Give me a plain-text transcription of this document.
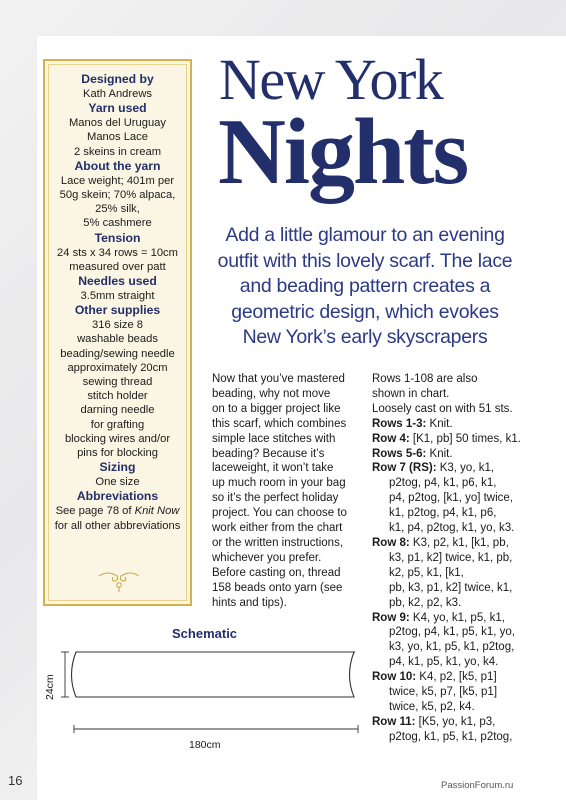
Designed by
Kath Andrews
Yarn used
Manos del Uruguay
Manos Lace
2 skeins in cream
About the yarn
Lace weight; 401m per
50g skein; 70% alpaca,
25% silk,
5% cashmere
Tension
24 sts x 34 rows = 10cm
measured over patt
Needles used
3.5mm straight
Other supplies
316 size 8
washable beads
beading/sewing needle
approximately 20cm
sewing thread
stitch holder
darning needle
for grafting
blocking wires and/or
pins for blocking
Sizing
One size
Abbreviations
See page 78 of Knit Now
for all other abbreviations
New York
Nights
Add a little glamour to an evening outfit with this lovely scarf. The lace and beading pattern creates a geometric design, which evokes New York’s early skyscrapers
Now that you’ve mastered
beading, why not move
on to a bigger project like
this scarf, which combines
simple lace stitches with
beading? Because it’s
laceweight, it won’t take
up much room in your bag
so it’s the perfect holiday
project. You can choose to
work either from the chart
or the written instructions,
whichever you prefer.
Before casting on, thread
158 beads onto yarn (see
hints and tips).
Rows 1-108 are also
shown in chart.
Loosely cast on with 51 sts.
Rows 1-3: Knit.
Row 4: [K1, pb] 50 times, k1.
Rows 5-6: Knit.
Row 7 (RS): K3, yo, k1,
p2tog, p4, k1, p6, k1,
p4, p2tog, [k1, yo] twice,
k1, p2tog, p4, k1, p6,
k1, p4, p2tog, k1, yo, k3.
Row 8: K3, p2, k1, [k1, pb,
k3, p1, k2] twice, k1, pb,
k2, p5, k1, [k1,
pb, k3, p1, k2] twice, k1,
pb, k2, p2, k3.
Row 9: K4, yo, k1, p5, k1,
p2tog, p4, k1, p5, k1, yo,
k3, yo, k1, p5, k1, p2tog,
p4, k1, p5, k1, yo, k4.
Row 10: K4, p2, [k5, p1]
twice, k5, p7, [k5, p1]
twice, k5, p2, k4.
Row 11: [K5, yo, k1, p3,
p2tog, k1, p5, k1, p2tog,
Schematic
24cm
180cm
16	PassionForum.ru
